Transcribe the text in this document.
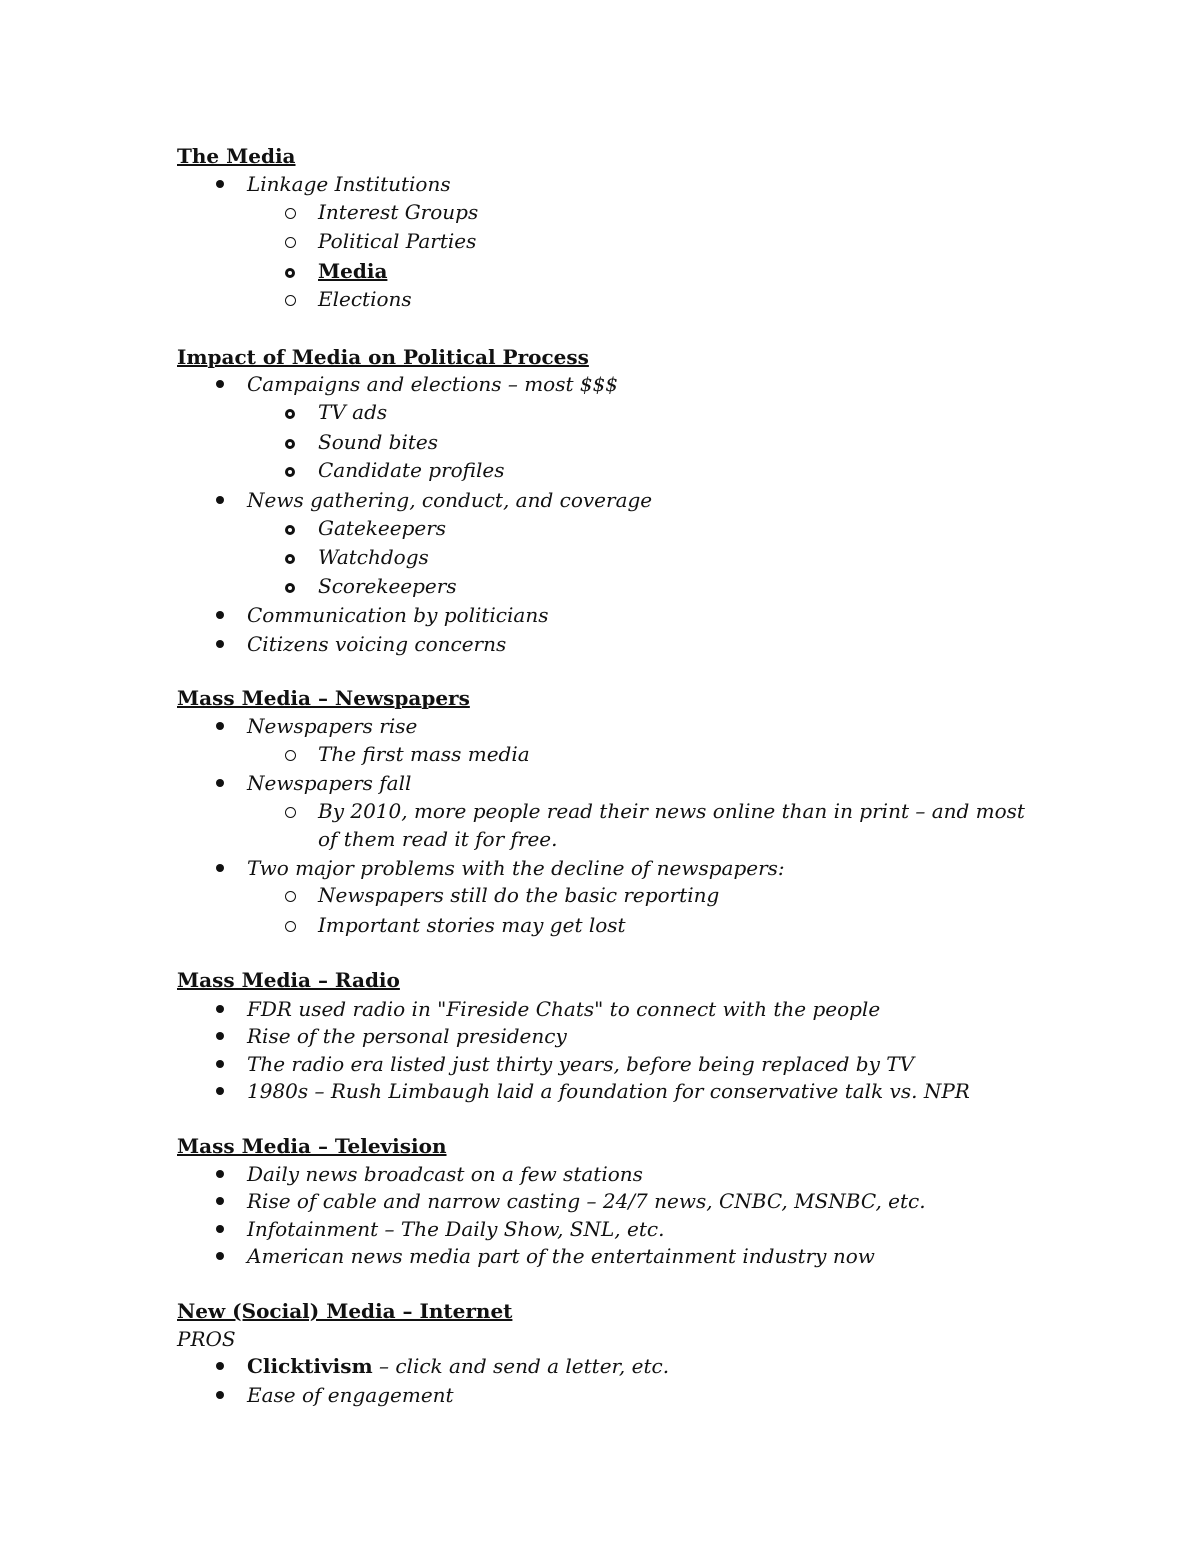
The Media
Linkage Institutions
Interest Groups
Political Parties
Media
Elections
Impact of Media on Political Process
Campaigns and elections – most $$$
TV ads
Sound bites
Candidate profiles
News gathering, conduct, and coverage
Gatekeepers
Watchdogs
Scorekeepers
Communication by politicians
Citizens voicing concerns
Mass Media – Newspapers
Newspapers rise
The first mass media
Newspapers fall
By 2010, more people read their news online than in print – and most of them read it for free.
Two major problems with the decline of newspapers:
Newspapers still do the basic reporting
Important stories may get lost
Mass Media – Radio
FDR used radio in "Fireside Chats" to connect with the people
Rise of the personal presidency
The radio era listed just thirty years, before being replaced by TV
1980s – Rush Limbaugh laid a foundation for conservative talk vs. NPR
Mass Media – Television
Daily news broadcast on a few stations
Rise of cable and narrow casting – 24/7 news, CNBC, MSNBC, etc.
Infotainment – The Daily Show, SNL, etc.
American news media part of the entertainment industry now
New (Social) Media – Internet
PROS
Clicktivism – click and send a letter, etc.
Ease of engagement
